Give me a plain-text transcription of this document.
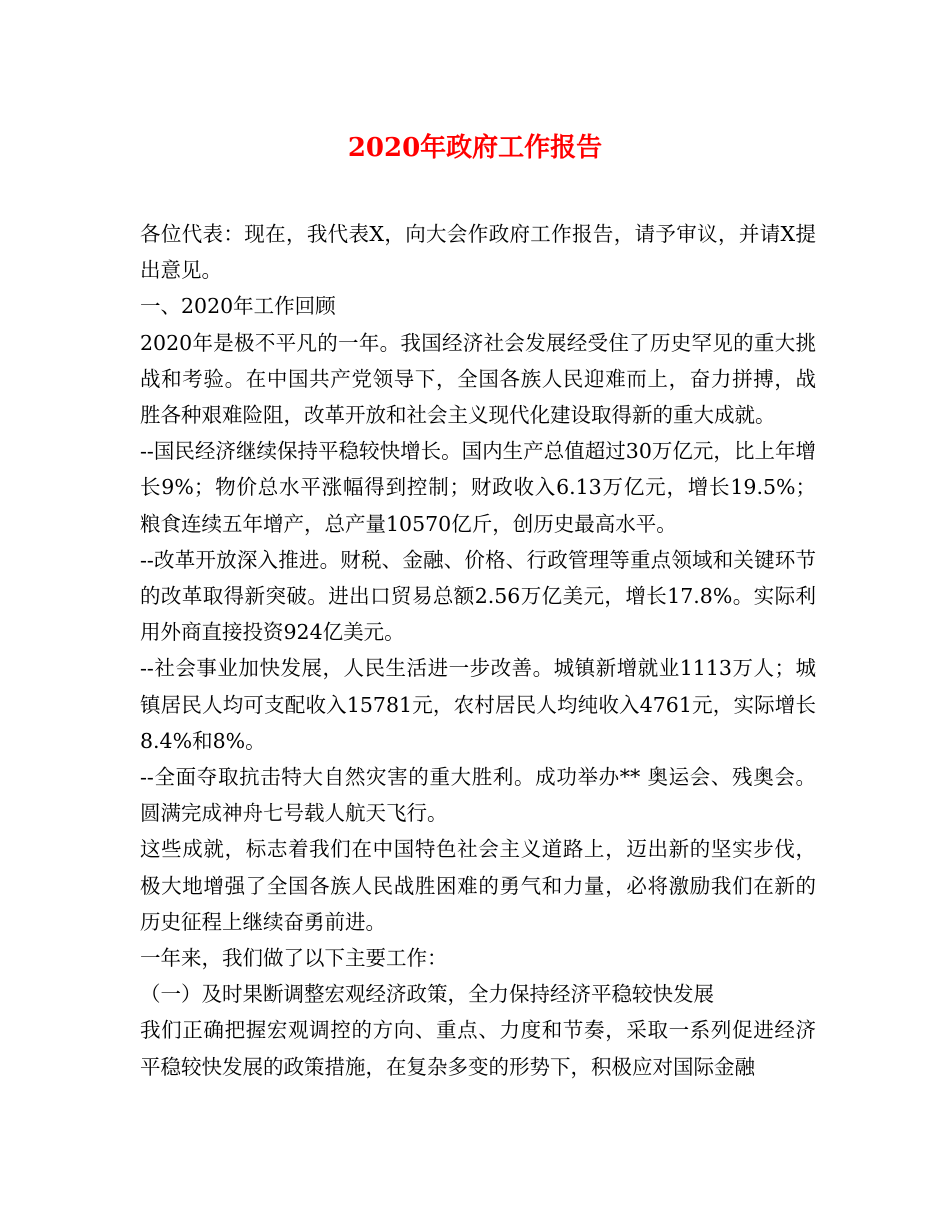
2020年政府工作报告

各位代表：现在，我代表X，向大会作政府工作报告，请予审议，并请X提出意见。

一、2020年工作回顾

2020年是极不平凡的一年。我国经济社会发展经受住了历史罕见的重大挑战和考验。在中国共产党领导下，全国各族人民迎难而上，奋力拼搏，战胜各种艰难险阻，改革开放和社会主义现代化建设取得新的重大成就。

--国民经济继续保持平稳较快增长。国内生产总值超过30万亿元，比上年增长9%；物价总水平涨幅得到控制；财政收入6.13万亿元，增长19.5%；粮食连续五年增产，总产量10570亿斤，创历史最高水平。

--改革开放深入推进。财税、金融、价格、行政管理等重点领域和关键环节的改革取得新突破。进出口贸易总额2.56万亿美元，增长17.8%。实际利用外商直接投资924亿美元。

--社会事业加快发展，人民生活进一步改善。城镇新增就业1113万人；城镇居民人均可支配收入15781元，农村居民人均纯收入4761元，实际增长8.4%和8%。

--全面夺取抗击特大自然灾害的重大胜利。成功举办** 奥运会、残奥会。圆满完成神舟七号载人航天飞行。

这些成就，标志着我们在中国特色社会主义道路上，迈出新的坚实步伐，极大地增强了全国各族人民战胜困难的勇气和力量，必将激励我们在新的历史征程上继续奋勇前进。

一年来，我们做了以下主要工作：

（一）及时果断调整宏观经济政策，全力保持经济平稳较快发展

我们正确把握宏观调控的方向、重点、力度和节奏，采取一系列促进经济平稳较快发展的政策措施，在复杂多变的形势下，积极应对国际金融
